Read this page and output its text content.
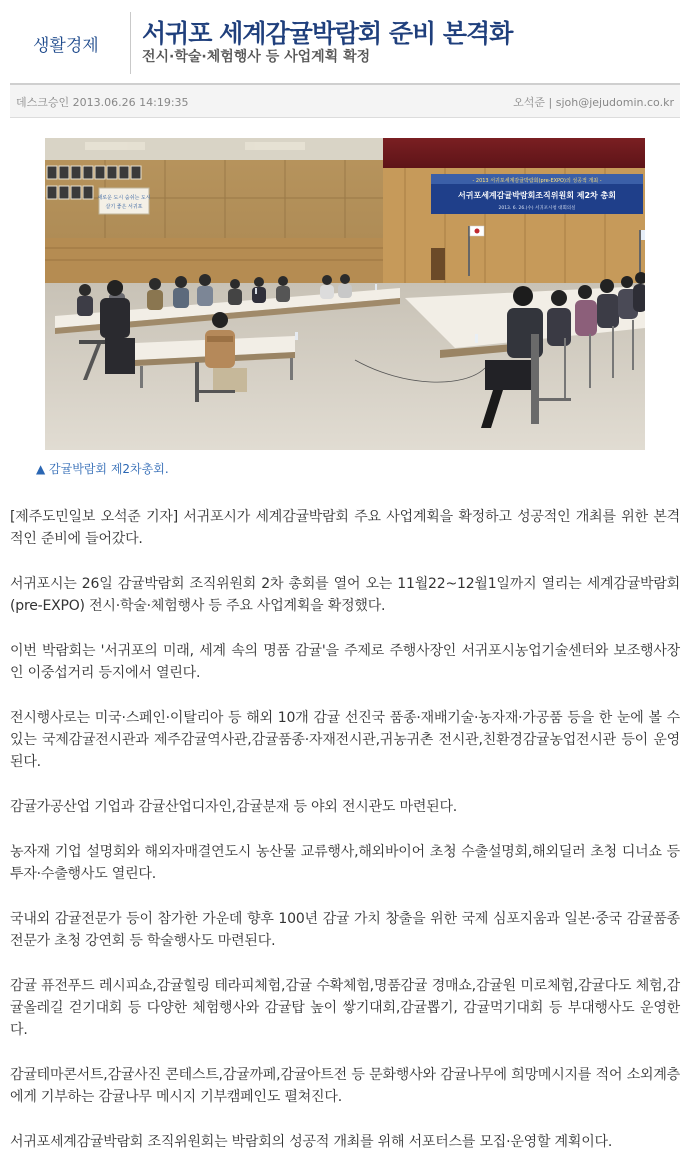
생활경제 서귀포 세계감귤박람회 준비 본격화
전시·학술·체험행사 등 사업계획 확정
데스크승인 2013.06.26 14:19:35	오석준 | sjoh@jejudomin.co.kr
새로운 도시 숨쉬는 도시
살기 좋은 서귀포
- 2013 서귀포세계감귤박람회(pre-EXPO)의 성공적 개최 -
서귀포세계감귤박람회조직위원회 제2차 총회
2013. 6. 26.(수) 서귀포시청 대회의실
▲ 감귤박람회 제2차총회.

[제주도민일보 오석준 기자] 서귀포시가 세계감귤박람회 주요 사업계획을 확정하고 성공적인 개최를 위한 본격적인 준비에 들어갔다.

서귀포시는 26일 감귤박람회 조직위원회 2차 총회를 열어 오는 11월22~12월1일까지 열리는 세계감귤박람회(pre-EXPO) 전시·학술·체험행사 등 주요 사업계획을 확정했다.

이번 박람회는 '서귀포의 미래, 세계 속의 명품 감귤'을 주제로 주행사장인 서귀포시농업기술센터와 보조행사장인 이중섭거리 등지에서 열린다.

전시행사로는 미국·스페인·이탈리아 등 해외 10개 감귤 선진국 품종·재배기술·농자재·가공품 등을 한 눈에 볼 수 있는 국제감귤전시관과 제주감귤역사관,감귤품종·자재전시관,귀농귀촌 전시관,친환경감귤농업전시관 등이 운영된다.

감귤가공산업 기업과 감귤산업디자인,감귤분재 등 야외 전시관도 마련된다.

농자재 기업 설명회와 해외자매결연도시 농산물 교류행사,해외바이어 초청 수출설명회,해외딜러 초청 디너쇼 등 투자·수출행사도 열린다.

국내외 감귤전문가 등이 참가한 가운데 향후 100년 감귤 가치 창출을 위한 국제 심포지움과 일본·중국 감귤품종전문가 초청 강연회 등 학술행사도 마련된다.

감귤 퓨전푸드 레시피쇼,감귤힐링 테라피체험,감귤 수확체험,명품감귤 경매쇼,감귤원 미로체험,감귤다도 체험,감귤올레길 걷기대회 등 다양한 체험행사와 감귤탑 높이 쌓기대회,감귤뽑기, 감귤먹기대회 등 부대행사도 운영한다.

감귤테마콘서트,감귤사진 콘테스트,감귤까페,감귤아트전 등 문화행사와 감귤나무에 희망메시지를 적어 소외계층에게 기부하는 감귤나무 메시지 기부캠페인도 펼쳐진다.

서귀포세계감귤박람회 조직위원회는 박람회의 성공적 개최를 위해 서포터스를 모집·운영할 계획이다.
